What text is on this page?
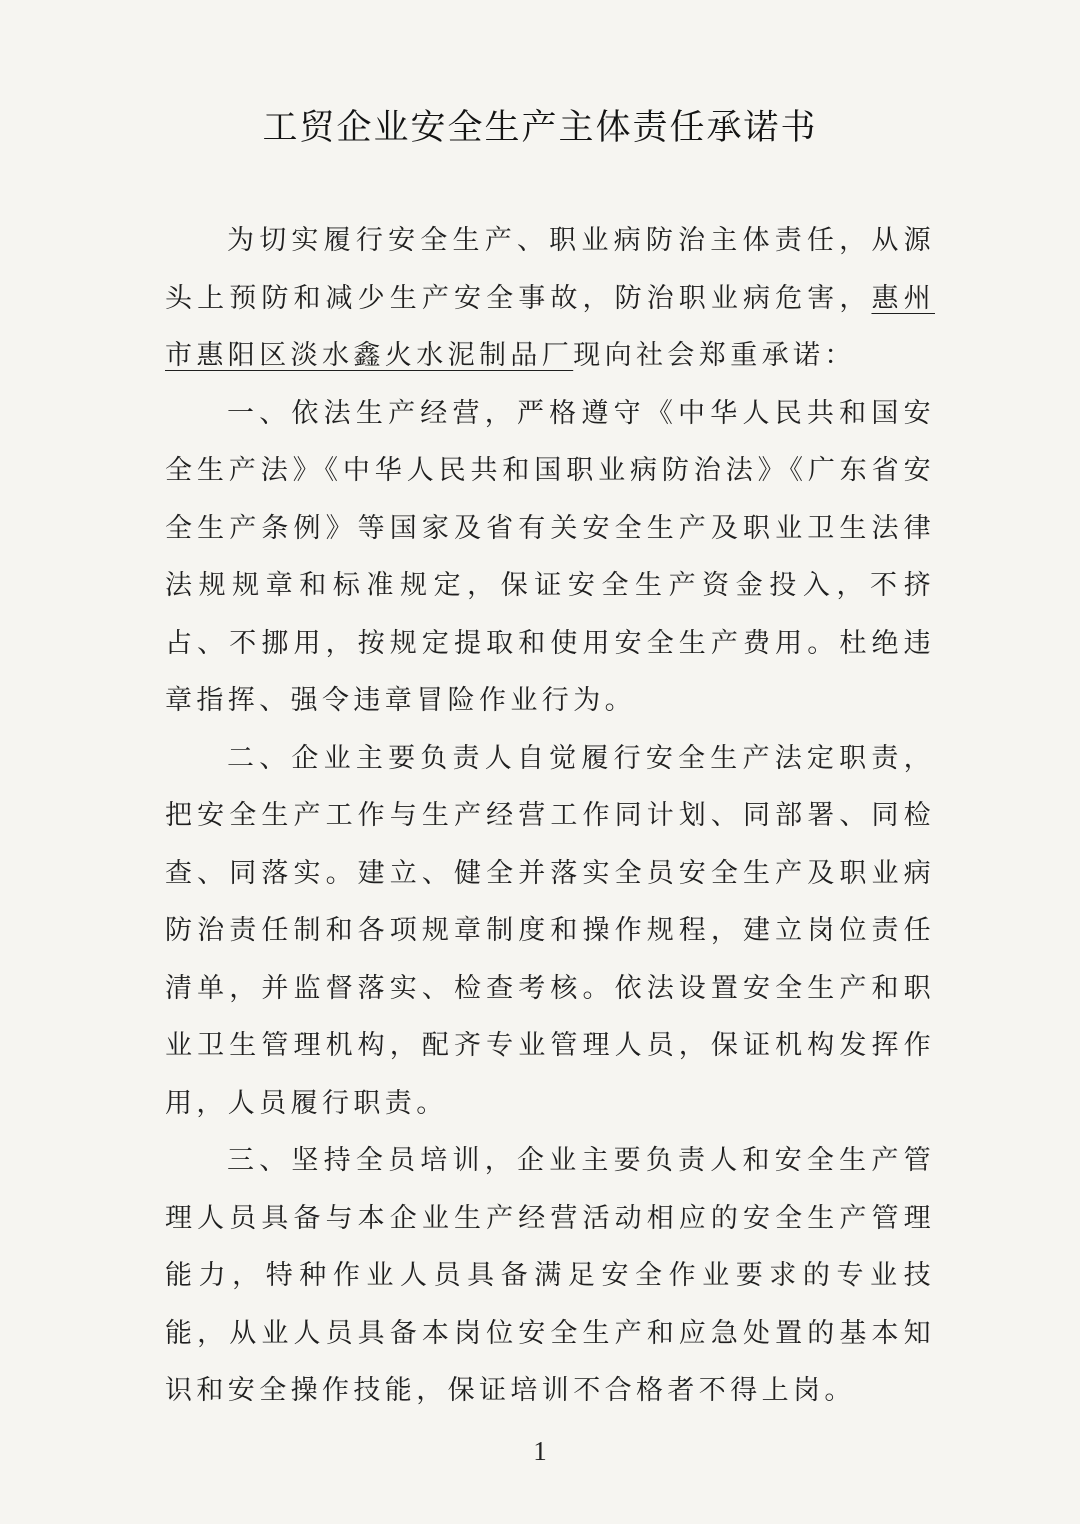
工贸企业安全生产主体责任承诺书

为切实履行安全生产、职业病防治主体责任，从源头上预防和减少生产安全事故，防治职业病危害，惠州市惠阳区淡水鑫火水泥制品厂现向社会郑重承诺：

一、依法生产经营，严格遵守《中华人民共和国安全生产法》《中华人民共和国职业病防治法》《广东省安全生产条例》等国家及省有关安全生产及职业卫生法律法规规章和标准规定，保证安全生产资金投入，不挤占、不挪用，按规定提取和使用安全生产费用。杜绝违章指挥、强令违章冒险作业行为。

二、企业主要负责人自觉履行安全生产法定职责，把安全生产工作与生产经营工作同计划、同部署、同检查、同落实。建立、健全并落实全员安全生产及职业病防治责任制和各项规章制度和操作规程，建立岗位责任清单，并监督落实、检查考核。依法设置安全生产和职业卫生管理机构，配齐专业管理人员，保证机构发挥作用，人员履行职责。

三、坚持全员培训，企业主要负责人和安全生产管理人员具备与本企业生产经营活动相应的安全生产管理能力，特种作业人员具备满足安全作业要求的专业技能，从业人员具备本岗位安全生产和应急处置的基本知识和安全操作技能，保证培训不合格者不得上岗。

1
